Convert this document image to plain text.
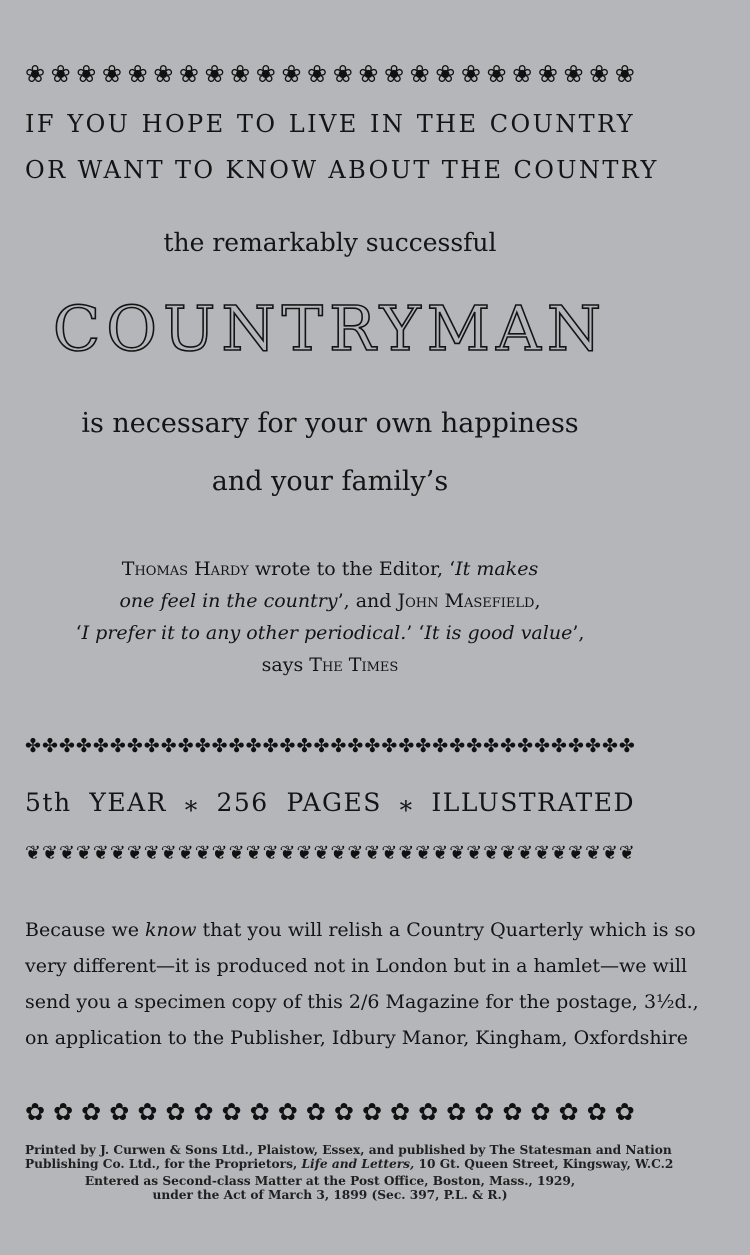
❀ ❀ ❀ ❀ ❀ ❀ ❀ ❀ ❀ ❀ ❀ ❀ ❀ ❀ ❀ ❀ ❀ ❀ ❀ ❀ ❀ ❀ ❀ ❀
IF YOU HOPE TO LIVE IN THE COUNTRY
OR WANT TO KNOW ABOUT THE COUNTRY
the remarkably successful
COUNTRYMAN
is necessary for your own happiness
and your family’s
Thomas Hardy wrote to the Editor, ‘It makes
one feel in the country’, and John Masefield,
‘I prefer it to any other periodical.’ ‘It is good value’,
says The Times
✤ ✤ ✤ ✤ ✤ ✤ ✤ ✤ ✤ ✤ ✤ ✤ ✤ ✤ ✤ ✤ ✤ ✤ ✤ ✤ ✤ ✤ ✤ ✤ ✤ ✤ ✤ ✤ ✤ ✤ ✤ ✤ ✤ ✤ ✤ ✤
5th YEAR ⁎ 256 PAGES ⁎ ILLUSTRATED
❦ ❦ ❦ ❦ ❦ ❦ ❦ ❦ ❦ ❦ ❦ ❦ ❦ ❦ ❦ ❦ ❦ ❦ ❦ ❦ ❦ ❦ ❦ ❦ ❦ ❦ ❦ ❦ ❦ ❦ ❦ ❦ ❦ ❦ ❦ ❦
Because we know that you will relish a Country Quarterly which is so
very different—it is produced not in London but in a hamlet—we will
send you a specimen copy of this 2/6 Magazine for the postage, 3½d.,
on application to the Publisher, Idbury Manor, Kingham, Oxfordshire
✿ ✿ ✿ ✿ ✿ ✿ ✿ ✿ ✿ ✿ ✿ ✿ ✿ ✿ ✿ ✿ ✿ ✿ ✿ ✿ ✿ ✿
Printed by J. Curwen & Sons Ltd., Plaistow, Essex, and published by The Statesman and Nation
Publishing Co. Ltd., for the Proprietors, Life and Letters, 10 Gt. Queen Street, Kingsway, W.C.2
Entered as Second-class Matter at the Post Office, Boston, Mass., 1929,
under the Act of March 3, 1899 (Sec. 397, P.L. & R.)
